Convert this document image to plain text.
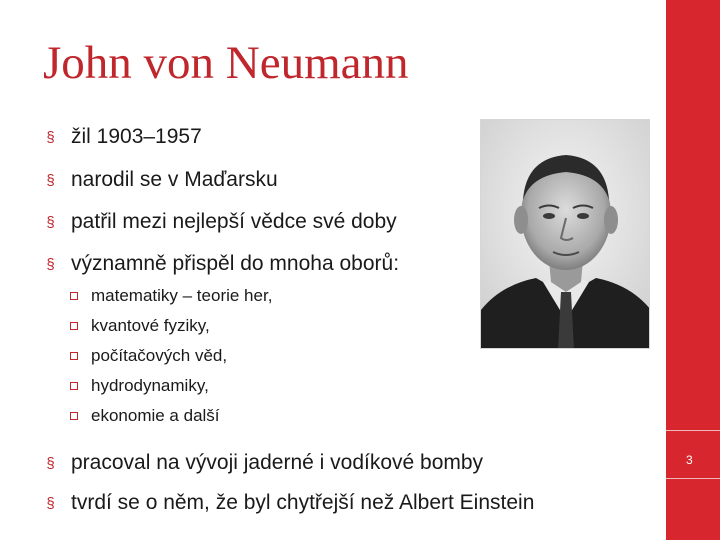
John von Neumann
§ žil 1903–1957
§ narodil se v Maďarsku
§ patřil mezi nejlepší vědce své doby
§ významně přispěl do mnoha oborů:
matematiky – teorie her,
kvantové fyziky,
počítačových věd,
hydrodynamiky,
ekonomie a další
§ pracoval na vývoji jaderné i vodíkové bomby
§ tvrdí se o něm, že byl chytřejší než Albert Einstein
3
